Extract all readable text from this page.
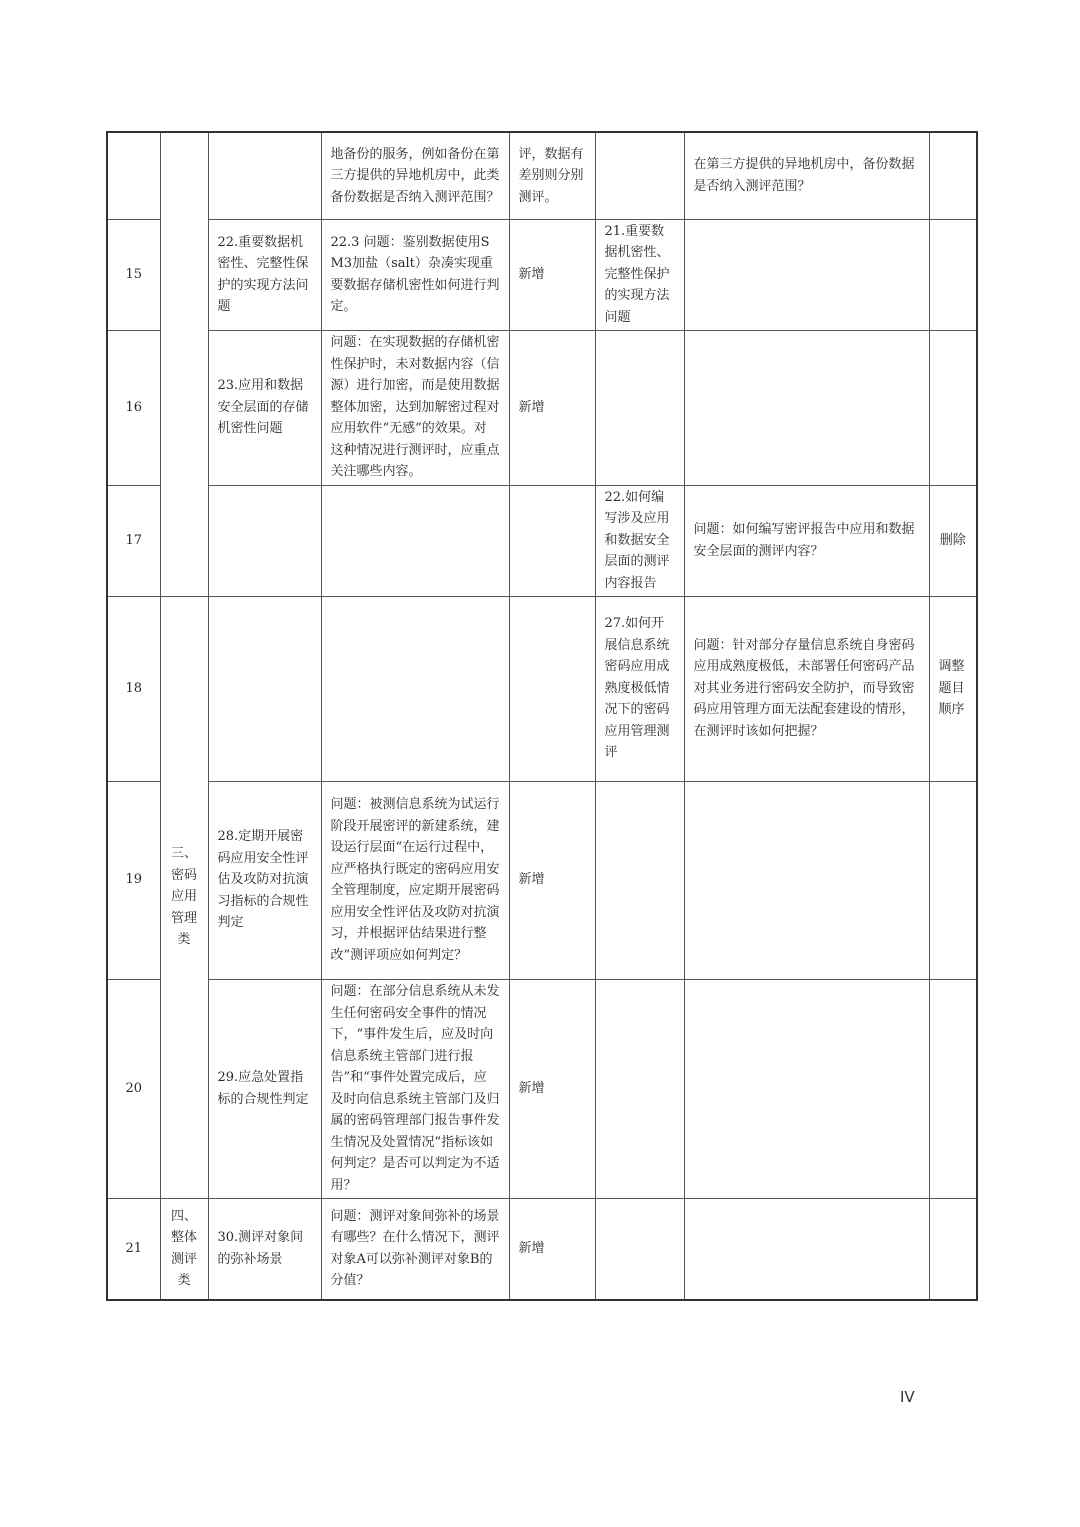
			地备份的服务，例如备份在第三方提供的异地机房中，此类备份数据是否纳入测评范围？	评，数据有差别则分别测评。		在第三方提供的异地机房中，备份数据是否纳入测评范围？	
15		22.重要数据机密性、完整性保护的实现方法问题	22.3 问题：鉴别数据使用SM3加盐（salt）杂凑实现重要数据存储机密性如何进行判定。	新增	21.重要数据机密性、完整性保护的实现方法问题		
16		23.应用和数据安全层面的存储机密性问题	问题：在实现数据的存储机密性保护时，未对数据内容（信源）进行加密，而是使用数据整体加密，达到加解密过程对应用软件“无感”的效果。对这种情况进行测评时，应重点关注哪些内容。	新增			
17					22.如何编写涉及应用和数据安全层面的测评内容报告	问题：如何编写密评报告中应用和数据安全层面的测评内容？	删除
18	三、密码应用管理类				27.如何开展信息系统密码应用成熟度极低情况下的密码应用管理测评	问题：针对部分存量信息系统自身密码应用成熟度极低，未部署任何密码产品对其业务进行密码安全防护，而导致密码应用管理方面无法配套建设的情形，在测评时该如何把握？	调整题目顺序
19		28.定期开展密码应用安全性评估及攻防对抗演习指标的合规性判定	问题：被测信息系统为试运行阶段开展密评的新建系统，建设运行层面“在运行过程中，应严格执行既定的密码应用安全管理制度，应定期开展密码应用安全性评估及攻防对抗演习，并根据评估结果进行整改”测评项应如何判定？	新增			
20		29.应急处置指标的合规性判定	问题：在部分信息系统从未发生任何密码安全事件的情况下，“事件发生后，应及时向信息系统主管部门进行报告”和“事件处置完成后，应及时向信息系统主管部门及归属的密码管理部门报告事件发生情况及处置情况”指标该如何判定？是否可以判定为不适用？	新增			
21	四、整体测评类	30.测评对象间的弥补场景	问题：测评对象间弥补的场景有哪些？在什么情况下，测评对象A可以弥补测评对象B的分值？	新增			
IV
